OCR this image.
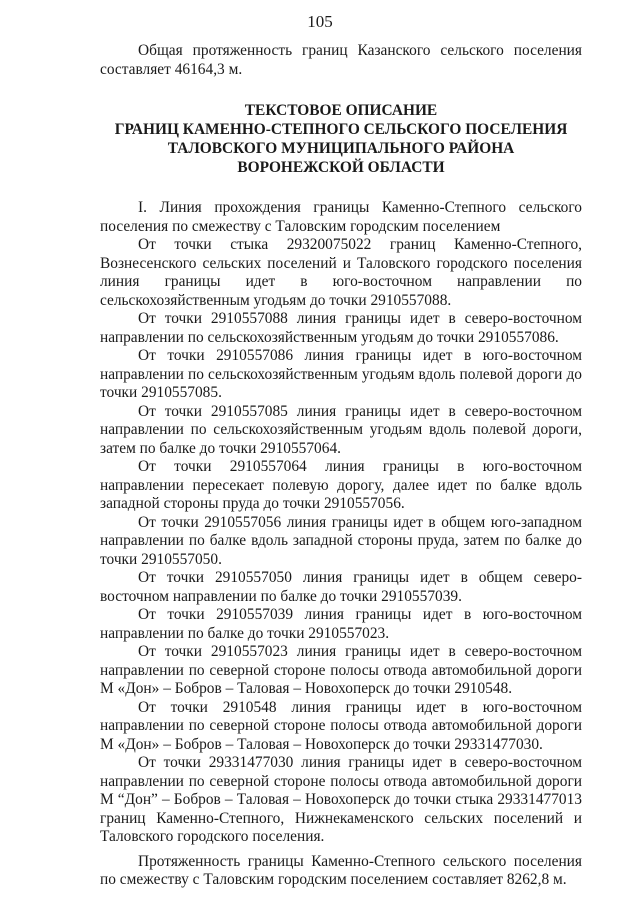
105

Общая протяженность границ Казанского сельского поселения составляет 46164,3 м.

ТЕКСТОВОЕ ОПИСАНИЕ
ГРАНИЦ КАМЕННО-СТЕПНОГО СЕЛЬСКОГО ПОСЕЛЕНИЯ
ТАЛОВСКОГО МУНИЦИПАЛЬНОГО РАЙОНА
ВОРОНЕЖСКОЙ ОБЛАСТИ

I. Линия прохождения границы Каменно-Степного сельского поселения по смежеству с Таловским городским поселением

От точки стыка 29320075022 границ Каменно-Степного, Вознесенского сельских поселений и Таловского городского поселения линия границы идет в юго-восточном направлении по сельскохозяйственным угодьям до точки 2910557088.

От точки 2910557088 линия границы идет в северо-восточном направлении по сельскохозяйственным угодьям до точки 2910557086.

От точки 2910557086 линия границы идет в юго-восточном направлении по сельскохозяйственным угодьям вдоль полевой дороги до точки 2910557085.

От точки 2910557085 линия границы идет в северо-восточном направлении по сельскохозяйственным угодьям вдоль полевой дороги, затем по балке до точки 2910557064.

От точки 2910557064 линия границы в юго-восточном направлении пересекает полевую дорогу, далее идет по балке вдоль западной стороны пруда до точки 2910557056.

От точки 2910557056 линия границы идет в общем юго-западном направлении по балке вдоль западной стороны пруда, затем по балке до точки 2910557050.

От точки 2910557050 линия границы идет в общем северо-восточном направлении по балке до точки 2910557039.

От точки 2910557039 линия границы идет в юго-восточном направлении по балке до точки 2910557023.

От точки 2910557023 линия границы идет в северо-восточном направлении по северной стороне полосы отвода автомобильной дороги М «Дон» – Бобров – Таловая – Новохоперск до точки 2910548.

От точки 2910548 линия границы идет в юго-восточном направлении по северной стороне полосы отвода автомобильной дороги М «Дон» – Бобров – Таловая – Новохоперск до точки 29331477030.

От точки 29331477030 линия границы идет в северо-восточном направлении по северной стороне полосы отвода автомобильной дороги М “Дон” – Бобров – Таловая – Новохоперск до точки стыка 29331477013 границ Каменно-Степного, Нижнекаменского сельских поселений и Таловского городского поселения.

Протяженность границы Каменно-Степного сельского поселения по смежеству с Таловским городским поселением составляет 8262,8 м.
